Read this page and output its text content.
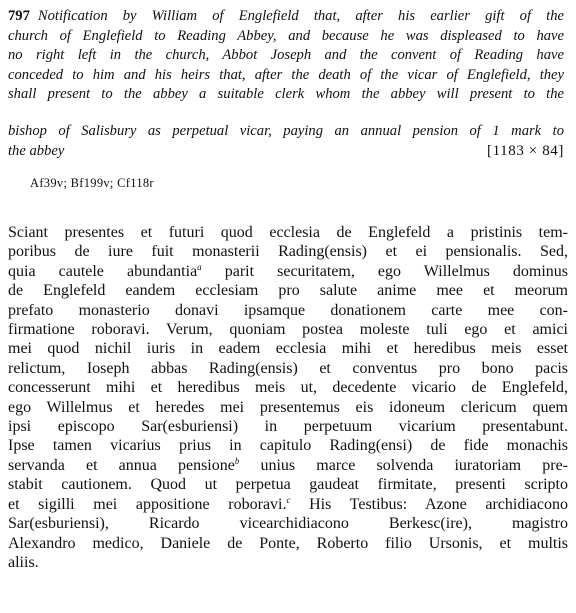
797 Notification by William of Englefield that, after his earlier gift of the
church of Englefield to Reading Abbey, and because he was displeased to have
no right left in the church, Abbot Joseph and the convent of Reading have
conceded to him and his heirs that, after the death of the vicar of Englefield, they
shall present to the abbey a suitable clerk whom the abbey will present to the
bishop of Salisbury as perpetual vicar, paying an annual pension of 1 mark to
the abbey	[1183 × 84]
Af39v; Bf199v; Cf118r
Sciant presentes et futuri quod ecclesia de Englefeld a pristinis tem-
poribus de iure fuit monasterii Rading(ensis) et ei pensionalis. Sed,
quia cautele abundantia$^a$ parit securitatem, ego Willelmus dominus
de Englefeld eandem ecclesiam pro salute anime mee et meorum
prefato monasterio donavi ipsamque donationem carte mee con-
firmatione roboravi. Verum, quoniam postea moleste tuli ego et amici
mei quod nichil iuris in eadem ecclesia mihi et heredibus meis esset
relictum, Ioseph abbas Rading(ensis) et conventus pro bono pacis
concesserunt mihi et heredibus meis ut, decedente vicario de Englefeld,
ego Willelmus et heredes mei presentemus eis idoneum clericum quem
ipsi episcopo Sar(esburiensi) in perpetuum vicarium presentabunt.
Ipse tamen vicarius prius in capitulo Rading(ensi) de fide monachis
servanda et annua pensione$^b$ unius marce solvenda iuratoriam pre-
stabit cautionem. Quod ut perpetua gaudeat firmitate, presenti scripto
et sigilli mei appositione roboravi.$^c$ His Testibus: Azone archidiacono
Sar(esburiensi), Ricardo vicearchidiacono Berkesc(ire), magistro
Alexandro medico, Daniele de Ponte, Roberto filio Ursonis, et multis
aliis.
